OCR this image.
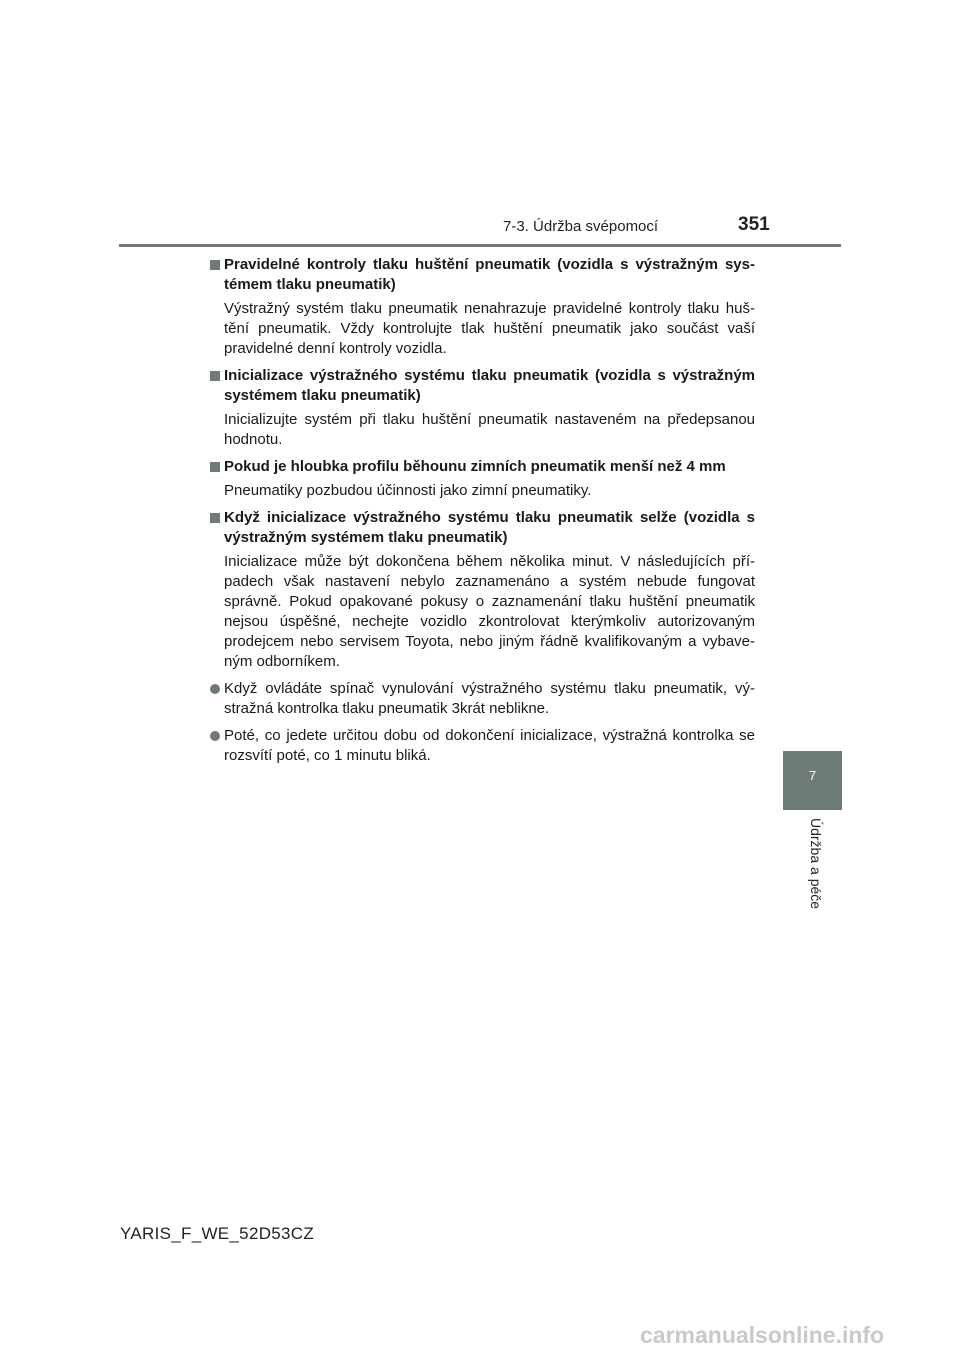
7-3. Údržba svépomocí	351
7
Údržba a péče
Pravidelné kontroly tlaku huštění pneumatik (vozidla s výstražným sys-témem tlaku pneumatik)
Výstražný systém tlaku pneumatik nenahrazuje pravidelné kontroly tlaku huš-tění pneumatik. Vždy kontrolujte tlak huštění pneumatik jako součást vaší pravidelné denní kontroly vozidla.
Inicializace výstražného systému tlaku pneumatik (vozidla s výstražným systémem tlaku pneumatik)
Inicializujte systém při tlaku huštění pneumatik nastaveném na předepsanou hodnotu.
Pokud je hloubka profilu běhounu zimních pneumatik menší než 4 mm
Pneumatiky pozbudou účinnosti jako zimní pneumatiky.
Když inicializace výstražného systému tlaku pneumatik selže (vozidla s výstražným systémem tlaku pneumatik)
Inicializace může být dokončena během několika minut. V následujících pří-padech však nastavení nebylo zaznamenáno a systém nebude fungovat správně. Pokud opakované pokusy o zaznamenání tlaku huštění pneumatik nejsou úspěšné, nechejte vozidlo zkontrolovat kterýmkoliv autorizovaným prodejcem nebo servisem Toyota, nebo jiným řádně kvalifikovaným a vybave-ným odborníkem.
Když ovládáte spínač vynulování výstražného systému tlaku pneumatik, vý-stražná kontrolka tlaku pneumatik 3krát neblikne.
Poté, co jedete určitou dobu od dokončení inicializace, výstražná kontrolka se rozsvítí poté, co 1 minutu bliká.
YARIS_F_WE_52D53CZ
carmanualsonline.info
